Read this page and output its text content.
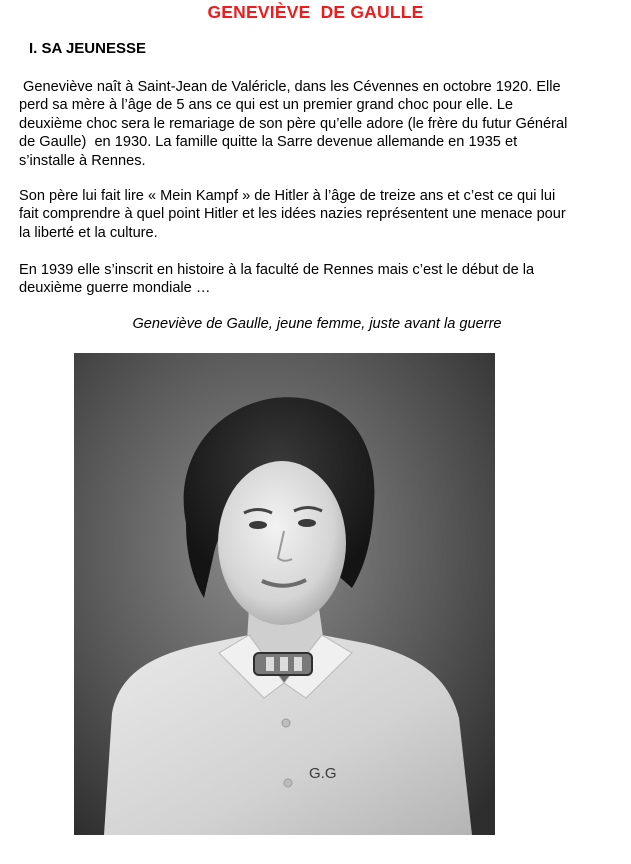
GENEVIÈVE  DE GAULLE
I. SA JEUNESSE

Geneviève naît à Saint-Jean de Valéricle, dans les Cévennes en octobre 1920. Elle
perd sa mère à l’âge de 5 ans ce qui est un premier grand choc pour elle. Le
deuxième choc sera le remariage de son père qu’elle adore (le frère du futur Général
de Gaulle)  en 1930. La famille quitte la Sarre devenue allemande en 1935 et
s’installe à Rennes.

Son père lui fait lire « Mein Kampf » de Hitler à l’âge de treize ans et c’est ce qui lui
fait comprendre à quel point Hitler et les idées nazies représentent une menace pour
la liberté et la culture.

En 1939 elle s’inscrit en histoire à la faculté de Rennes mais c’est le début de la
deuxième guerre mondiale …

Geneviève de Gaulle, jeune femme, juste avant la guerre
G.G
